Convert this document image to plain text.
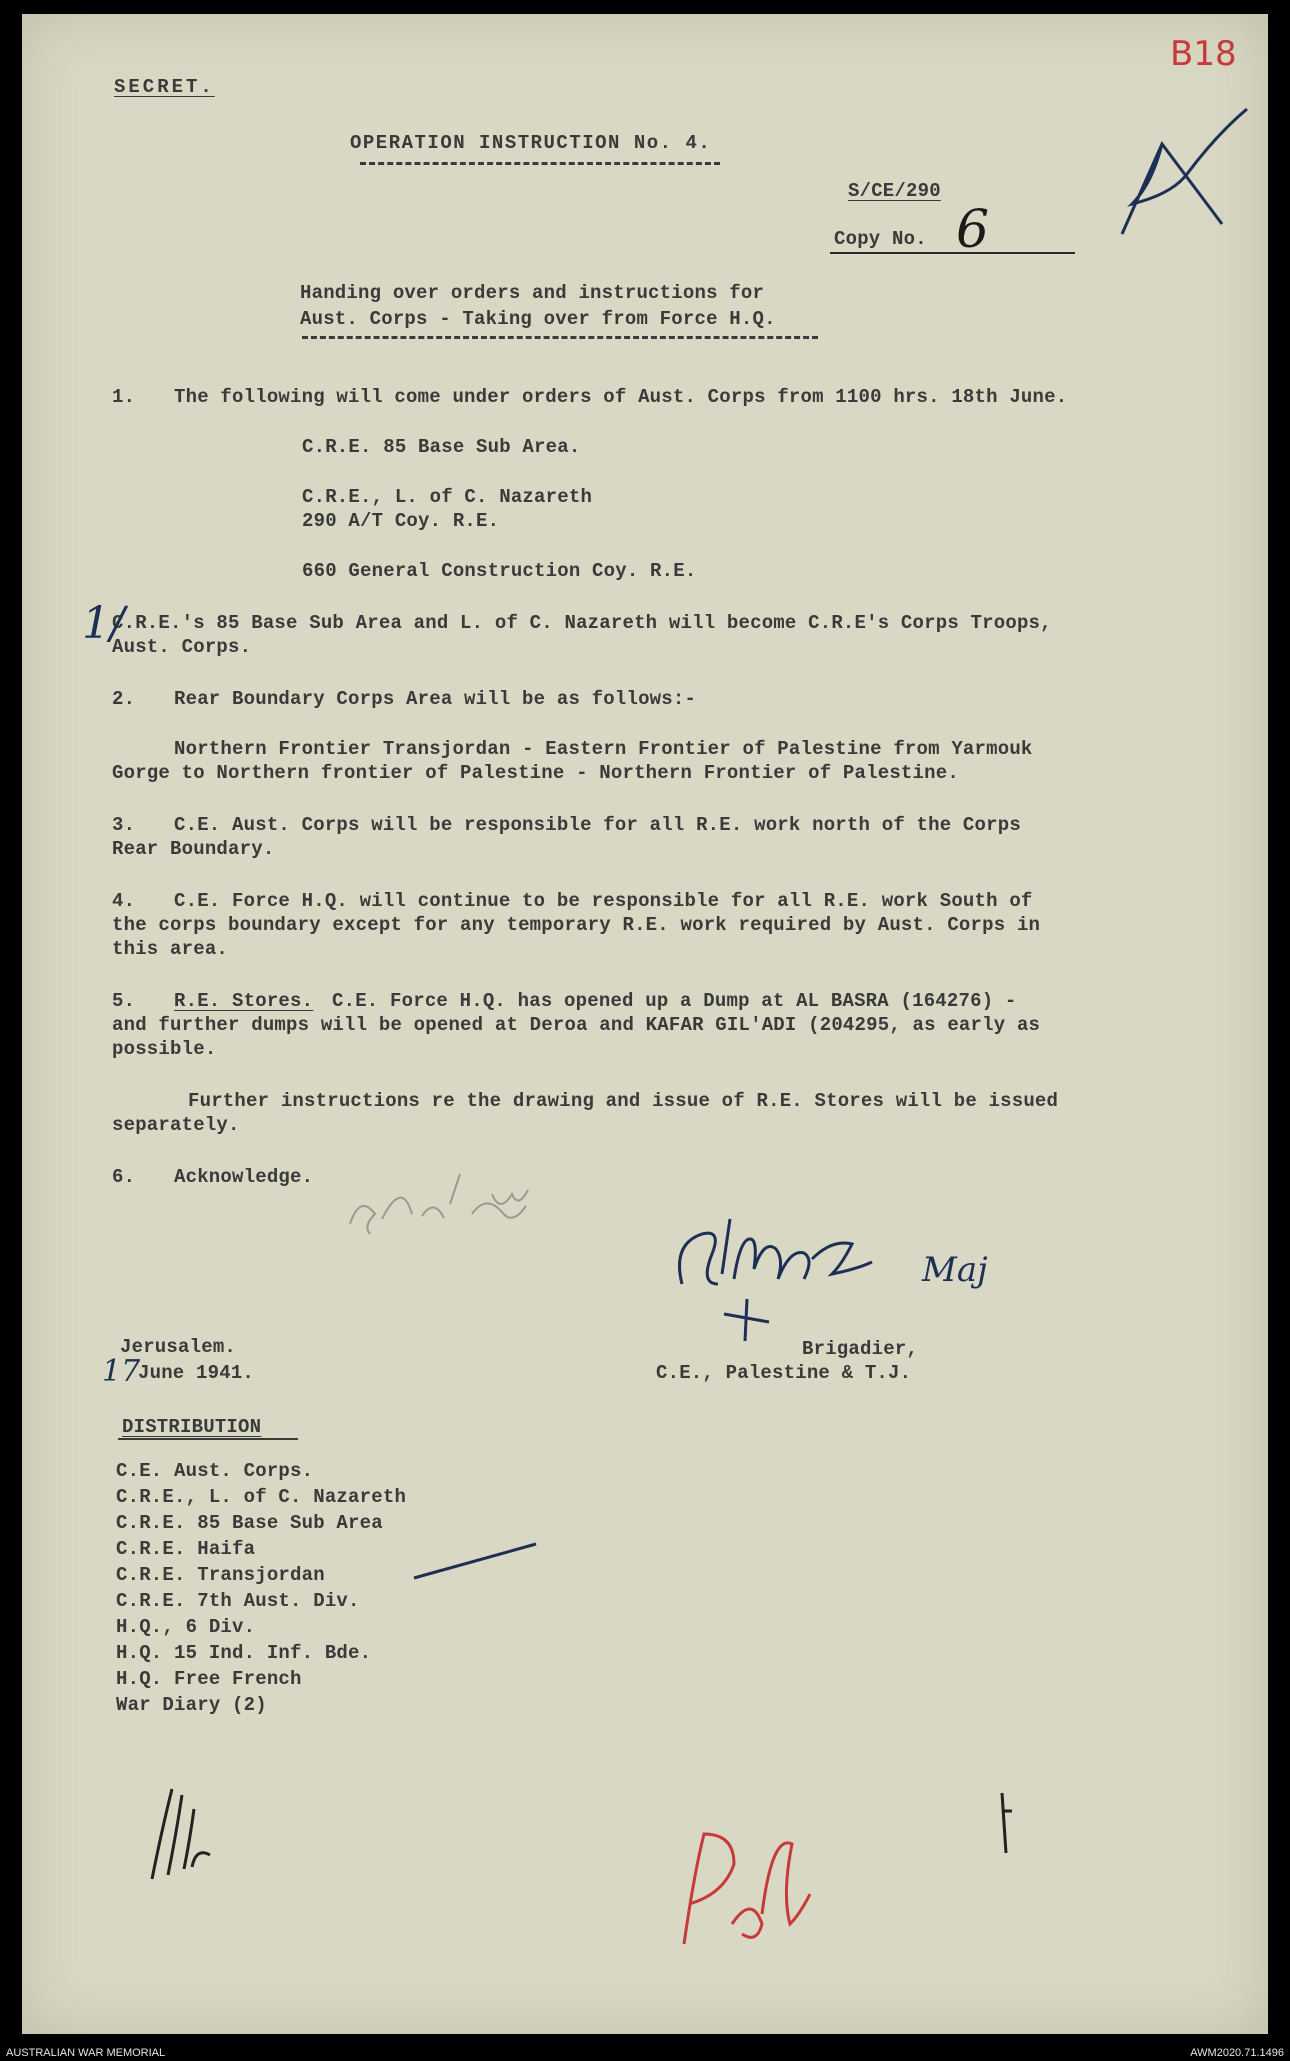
SECRET.
OPERATION INSTRUCTION No. 4.
S/CE/290
Copy No. 6
B18
Handing over orders and instructions for
Aust. Corps - Taking over from Force H.Q.
1. The following will come under orders of Aust. Corps from 1100 hrs. 18th June.
C.R.E. 85 Base Sub Area.
C.R.E., L. of C. Nazareth
290 A/T Coy. R.E.
660 General Construction Coy. R.E.
C.R.E.'s 85 Base Sub Area and L. of C. Nazareth will become C.R.E's Corps Troops,
Aust. Corps.
1/
2. Rear Boundary Corps Area will be as follows:-
Northern Frontier Transjordan - Eastern Frontier of Palestine from Yarmouk
Gorge to Northern frontier of Palestine - Northern Frontier of Palestine.
3. C.E. Aust. Corps will be responsible for all R.E. work north of the Corps
Rear Boundary.
4. C.E. Force H.Q. will continue to be responsible for all R.E. work South of
the corps boundary except for any temporary R.E. work required by Aust. Corps in
this area.
5. R.E. Stores. C.E. Force H.Q. has opened up a Dump at AL BASRA (164276) -
and further dumps will be opened at Deroa and KAFAR GIL'ADI (204295, as early as
possible.
Further instructions re the drawing and issue of R.E. Stores will be issued
separately.
6. Acknowledge.
Maj
Jerusalem.
17
June 1941.
Brigadier,
C.E., Palestine & T.J.
DISTRIBUTION
C.E. Aust. Corps.
C.R.E., L. of C. Nazareth
C.R.E. 85 Base Sub Area
C.R.E. Haifa
C.R.E. Transjordan
C.R.E. 7th Aust. Div.
H.Q., 6 Div.
H.Q. 15 Ind. Inf. Bde.
H.Q. Free French
War Diary (2)
AUSTRALIAN WAR MEMORIAL	AWM2020.71.1496
